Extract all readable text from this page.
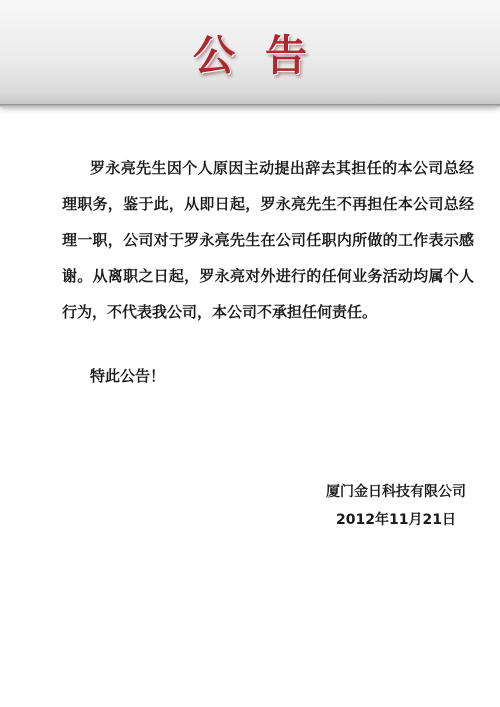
公告
罗永亮先生因个人原因主动提出辞去其担任的本公司总经理职务，鉴于此，从即日起，罗永亮先生不再担任本公司总经理一职，公司对于罗永亮先生在公司任职内所做的工作表示感谢。从离职之日起，罗永亮对外进行的任何业务活动均属个人行为，不代表我公司，本公司不承担任何责任。
特此公告！
厦门金日科技有限公司
2012年11月21日
